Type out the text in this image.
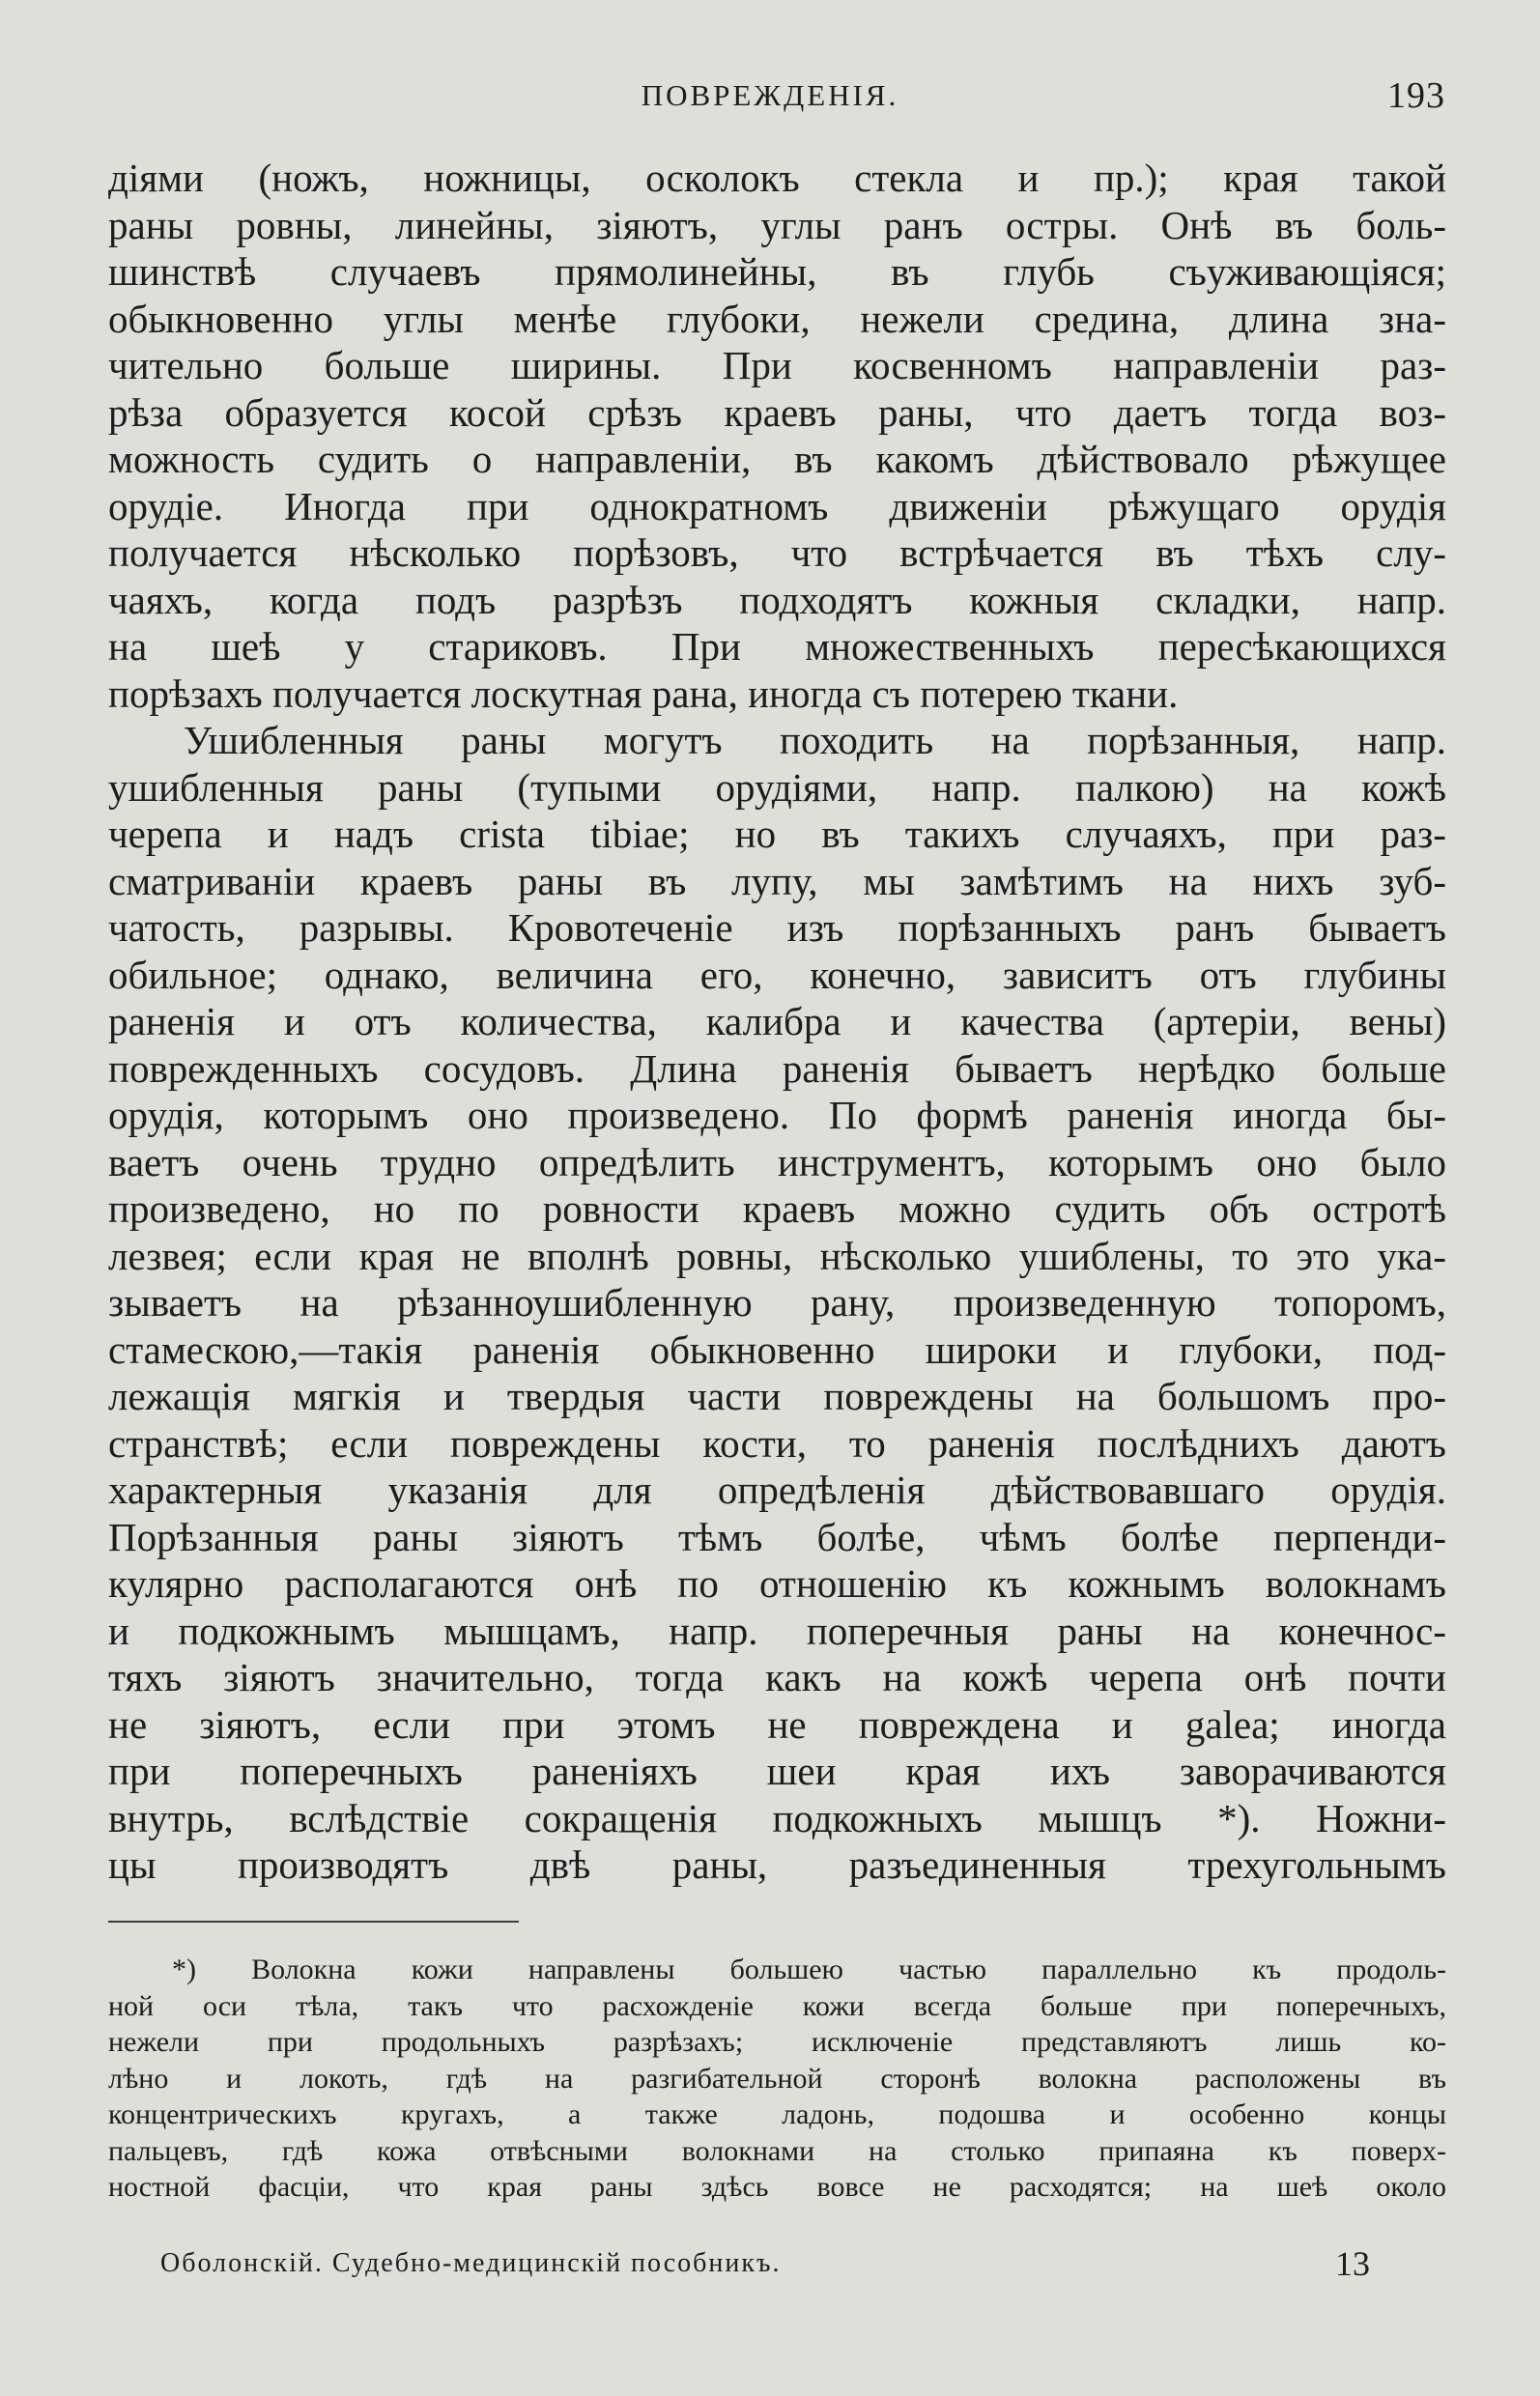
ПОВРЕЖДЕНІЯ.	193
діями (ножъ, ножницы, осколокъ стекла и пр.); края такой
раны ровны, линейны, зіяютъ, углы ранъ остры. Онѣ въ боль-
шинствѣ случаевъ прямолинейны, въ глубь съуживающіяся;
обыкновенно углы менѣе глубоки, нежели средина, длина зна-
чительно больше ширины. При косвенномъ направленіи раз-
рѣза образуется косой срѣзъ краевъ раны, что даетъ тогда воз-
можность судить о направленіи, въ какомъ дѣйствовало рѣжущее
орудіе. Иногда при однократномъ движеніи рѣжущаго орудія
получается нѣсколько порѣзовъ, что встрѣчается въ тѣхъ слу-
чаяхъ, когда подъ разрѣзъ подходятъ кожныя складки, напр.
на шеѣ у стариковъ. При множественныхъ пересѣкающихся
порѣзахъ получается лоскутная рана, иногда съ потерею ткани.
Ушибленныя раны могутъ походить на порѣзанныя, напр.
ушибленныя раны (тупыми орудіями, напр. палкою) на кожѣ
черепа и надъ crista tibiae; но въ такихъ случаяхъ, при раз-
сматриваніи краевъ раны въ лупу, мы замѣтимъ на нихъ зуб-
чатость, разрывы. Кровотеченіе изъ порѣзанныхъ ранъ бываетъ
обильное; однако, величина его, конечно, зависитъ отъ глубины
раненія и отъ количества, калибра и качества (артеріи, вены)
поврежденныхъ сосудовъ. Длина раненія бываетъ нерѣдко больше
орудія, которымъ оно произведено. По формѣ раненія иногда бы-
ваетъ очень трудно опредѣлить инструментъ, которымъ оно было
произведено, но по ровности краевъ можно судить объ остротѣ
лезвея; если края не вполнѣ ровны, нѣсколько ушиблены, то это ука-
зываетъ на рѣзанноушибленную рану, произведенную топоромъ,
стамескою,—такія раненія обыкновенно широки и глубоки, под-
лежащія мягкія и твердыя части повреждены на большомъ про-
странствѣ; если повреждены кости, то раненія послѣднихъ даютъ
характерныя указанія для опредѣленія дѣйствовавшаго орудія.
Порѣзанныя раны зіяютъ тѣмъ болѣе, чѣмъ болѣе перпенди-
кулярно располагаются онѣ по отношенію къ кожнымъ волокнамъ
и подкожнымъ мышцамъ, напр. поперечныя раны на конечнос-
тяхъ зіяютъ значительно, тогда какъ на кожѣ черепа онѣ почти
не зіяютъ, если при этомъ не повреждена и galea; иногда
при поперечныхъ раненіяхъ шеи края ихъ заворачиваются
внутрь, вслѣдствіе сокращенія подкожныхъ мышцъ *). Ножни-
цы производятъ двѣ раны, разъединенныя трехугольнымъ
*) Волокна кожи направлены большею частью параллельно къ продоль-
ной оси тѣла, такъ что расхожденіе кожи всегда больше при поперечныхъ,
нежели при продольныхъ разрѣзахъ; исключеніе представляютъ лишь ко-
лѣно и локоть, гдѣ на разгибательной сторонѣ волокна расположены въ
концентрическихъ кругахъ, а также ладонь, подошва и особенно концы
пальцевъ, гдѣ кожа отвѣсными волокнами на столько припаяна къ поверх-
ностной фасціи, что края раны здѣсь вовсе не расходятся; на шеѣ около
Оболонскій. Судебно-медицинскій пособникъ.	13
